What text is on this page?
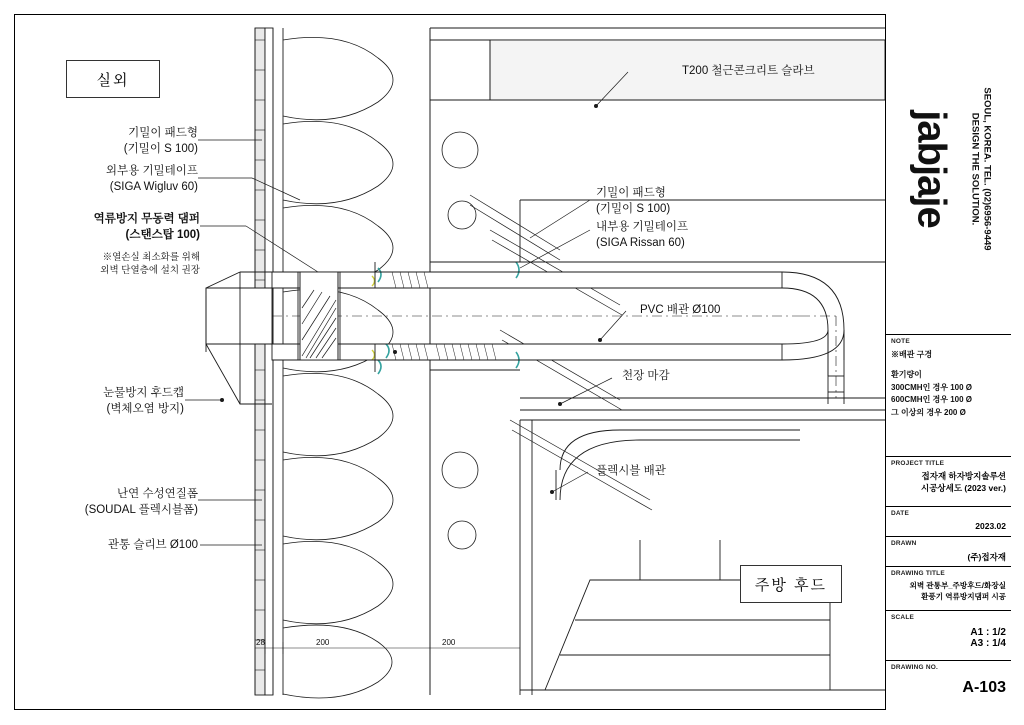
실외
주방 후드
기밀이 패드형
(기밀이 S 100)
외부용 기밀테이프
(SIGA Wigluv 60)
역류방지 무동력 댐퍼
(스탠스탑 100)
※열손실 최소화를 위해
외벽 단열층에 설치 권장
눈물방지 후드캡
(벽체오염 방지)
난연 수성연질폼
(SOUDAL 플렉시블폼)
관통 슬리브 Ø100
T200 철근콘크리트 슬라브
기밀이 패드형
(기밀이 S 100)
내부용 기밀테이프
(SIGA Rissan 60)
PVC 배관 Ø100
천장 마감
플렉시블 배관
28	200	200
jabjaje DESIGN THE SOLUTION. SEOUL, KOREA. TEL. (02)6956-9449
NOTE
※배관 구경
환기량이
300CMH인 경우 100 Ø
600CMH인 경우 100 Ø
그 이상의 경우 200 Ø
PROJECT TITLE
접자재 하자방지솔루션
시공상세도 (2023 ver.)
DATE
2023.02
DRAWN
(주)접자재
DRAWING TITLE
외벽 관통부_주방후드/화장실
환풍기 역류방지댐퍼 시공
SCALE
A1 : 1/2
A3 : 1/4
DRAWING NO.
A-103
